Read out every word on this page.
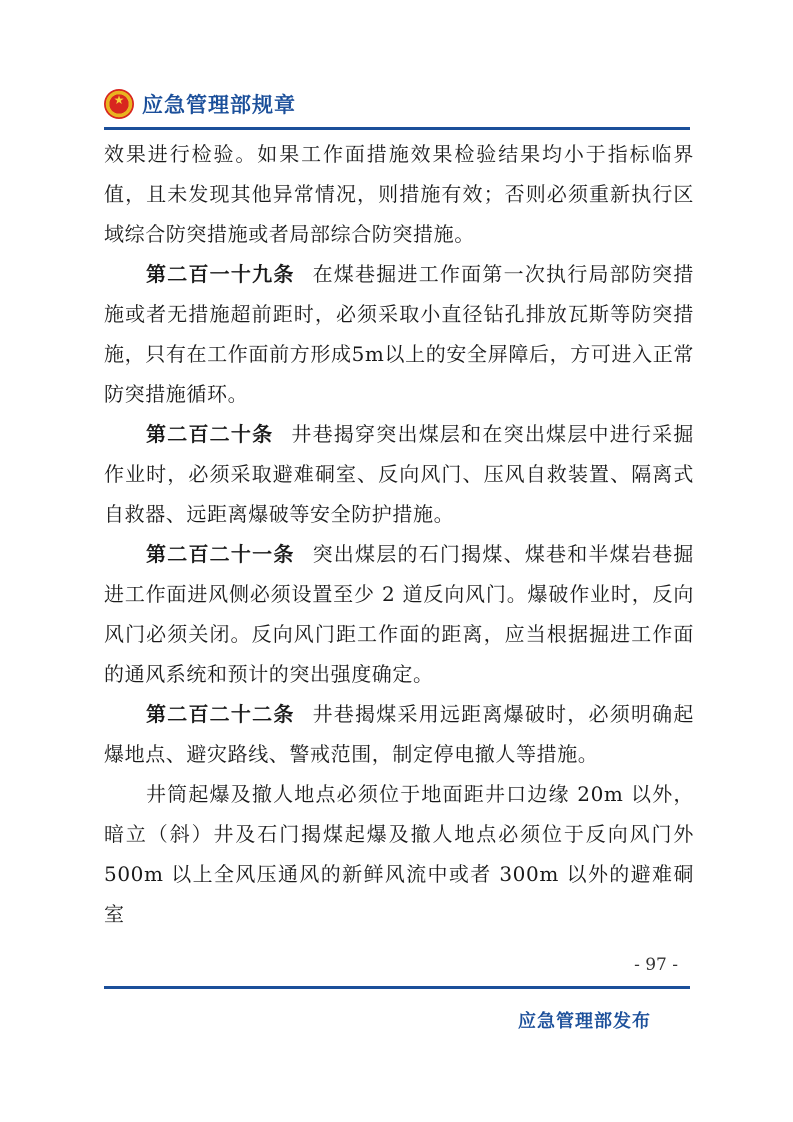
★ 应急管理部规章

效果进行检验。如果工作面措施效果检验结果均小于指标临界值，且未发现其他异常情况，则措施有效；否则必须重新执行区域综合防突措施或者局部综合防突措施。

第二百一十九条 在煤巷掘进工作面第一次执行局部防突措施或者无措施超前距时，必须采取小直径钻孔排放瓦斯等防突措施，只有在工作面前方形成5m以上的安全屏障后，方可进入正常防突措施循环。

第二百二十条 井巷揭穿突出煤层和在突出煤层中进行采掘作业时，必须采取避难硐室、反向风门、压风自救装置、隔离式自救器、远距离爆破等安全防护措施。

第二百二十一条 突出煤层的石门揭煤、煤巷和半煤岩巷掘进工作面进风侧必须设置至少 2 道反向风门。爆破作业时，反向风门必须关闭。反向风门距工作面的距离，应当根据掘进工作面的通风系统和预计的突出强度确定。

第二百二十二条 井巷揭煤采用远距离爆破时，必须明确起爆地点、避灾路线、警戒范围，制定停电撤人等措施。

井筒起爆及撤人地点必须位于地面距井口边缘 20m 以外，暗立（斜）井及石门揭煤起爆及撤人地点必须位于反向风门外500m 以上全风压通风的新鲜风流中或者 300m 以外的避难硐室

- 97 -
应急管理部发布
